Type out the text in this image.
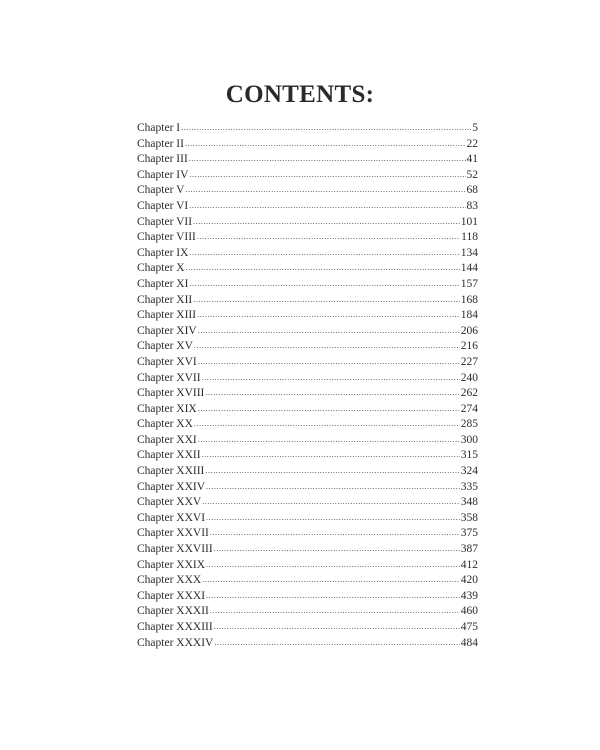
CONTENTS:
Chapter I .....	5
Chapter II .....	22
Chapter III .....	41
Chapter IV .....	52
Chapter V .....	68
Chapter VI .....	83
Chapter VII .....	101
Chapter VIII .....	118
Chapter IX .....	134
Chapter X .....	144
Chapter XI .....	157
Chapter XII .....	168
Chapter XIII .....	184
Chapter XIV .....	206
Chapter XV .....	216
Chapter XVI .....	227
Chapter XVII .....	240
Chapter XVIII .....	262
Chapter XIX .....	274
Chapter XX .....	285
Chapter XXI .....	300
Chapter XXII .....	315
Chapter XXIII .....	324
Chapter XXIV .....	335
Chapter XXV .....	348
Chapter XXVI .....	358
Chapter XXVII .....	375
Chapter XXVIII .....	387
Chapter XXIX .....	412
Chapter XXX .....	420
Chapter XXXI .....	439
Chapter XXXII .....	460
Chapter XXXIII .....	475
Chapter XXXIV .....	484
